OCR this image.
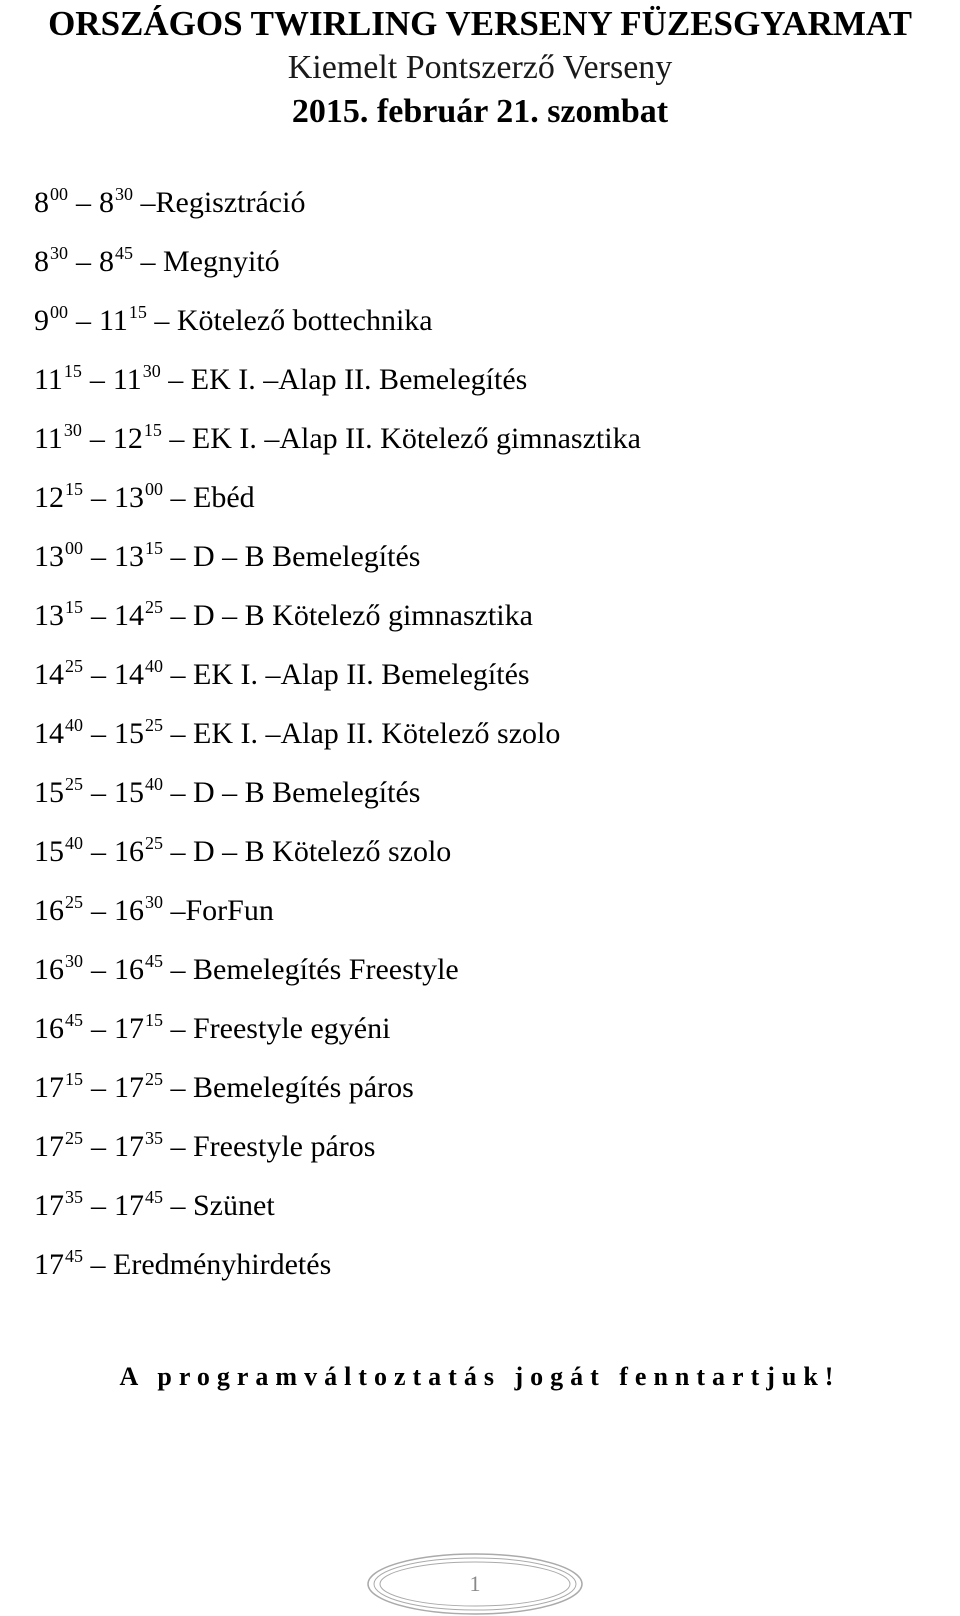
ORSZÁGOS TWIRLING VERSENY FÜZESGYARMAT

Kiemelt Pontszerző Verseny

2015. február 21. szombat

$8^{00} - 8^{30}$ –Regisztráció
$8^{30} - 8^{45}$ – Megnyitó
$9^{00} - 11^{15}$ – Kötelező bottechnika
$11^{15} - 11^{30}$ – EK I. –Alap II. Bemelegítés
$11^{30} - 12^{15}$ – EK I. –Alap II. Kötelező gimnasztika
$12^{15} - 13^{00}$ – Ebéd
$13^{00} - 13^{15}$ – D – B Bemelegítés
$13^{15} - 14^{25}$ – D – B Kötelező gimnasztika
$14^{25} - 14^{40}$ – EK I. –Alap II. Bemelegítés
$14^{40} - 15^{25}$ – EK I. –Alap II. Kötelező szolo
$15^{25} - 15^{40}$ – D – B Bemelegítés
$15^{40} - 16^{25}$ – D – B Kötelező szolo
$16^{25} - 16^{30}$ –ForFun
$16^{30} - 16^{45}$ – Bemelegítés Freestyle
$16^{45} - 17^{15}$ – Freestyle egyéni
$17^{15} - 17^{25}$ – Bemelegítés páros
$17^{25} - 17^{35}$ – Freestyle páros
$17^{35} - 17^{45}$ – Szünet
$17^{45}$ – Eredményhirdetés
A programváltoztatás jogát fenntartjuk!
1
